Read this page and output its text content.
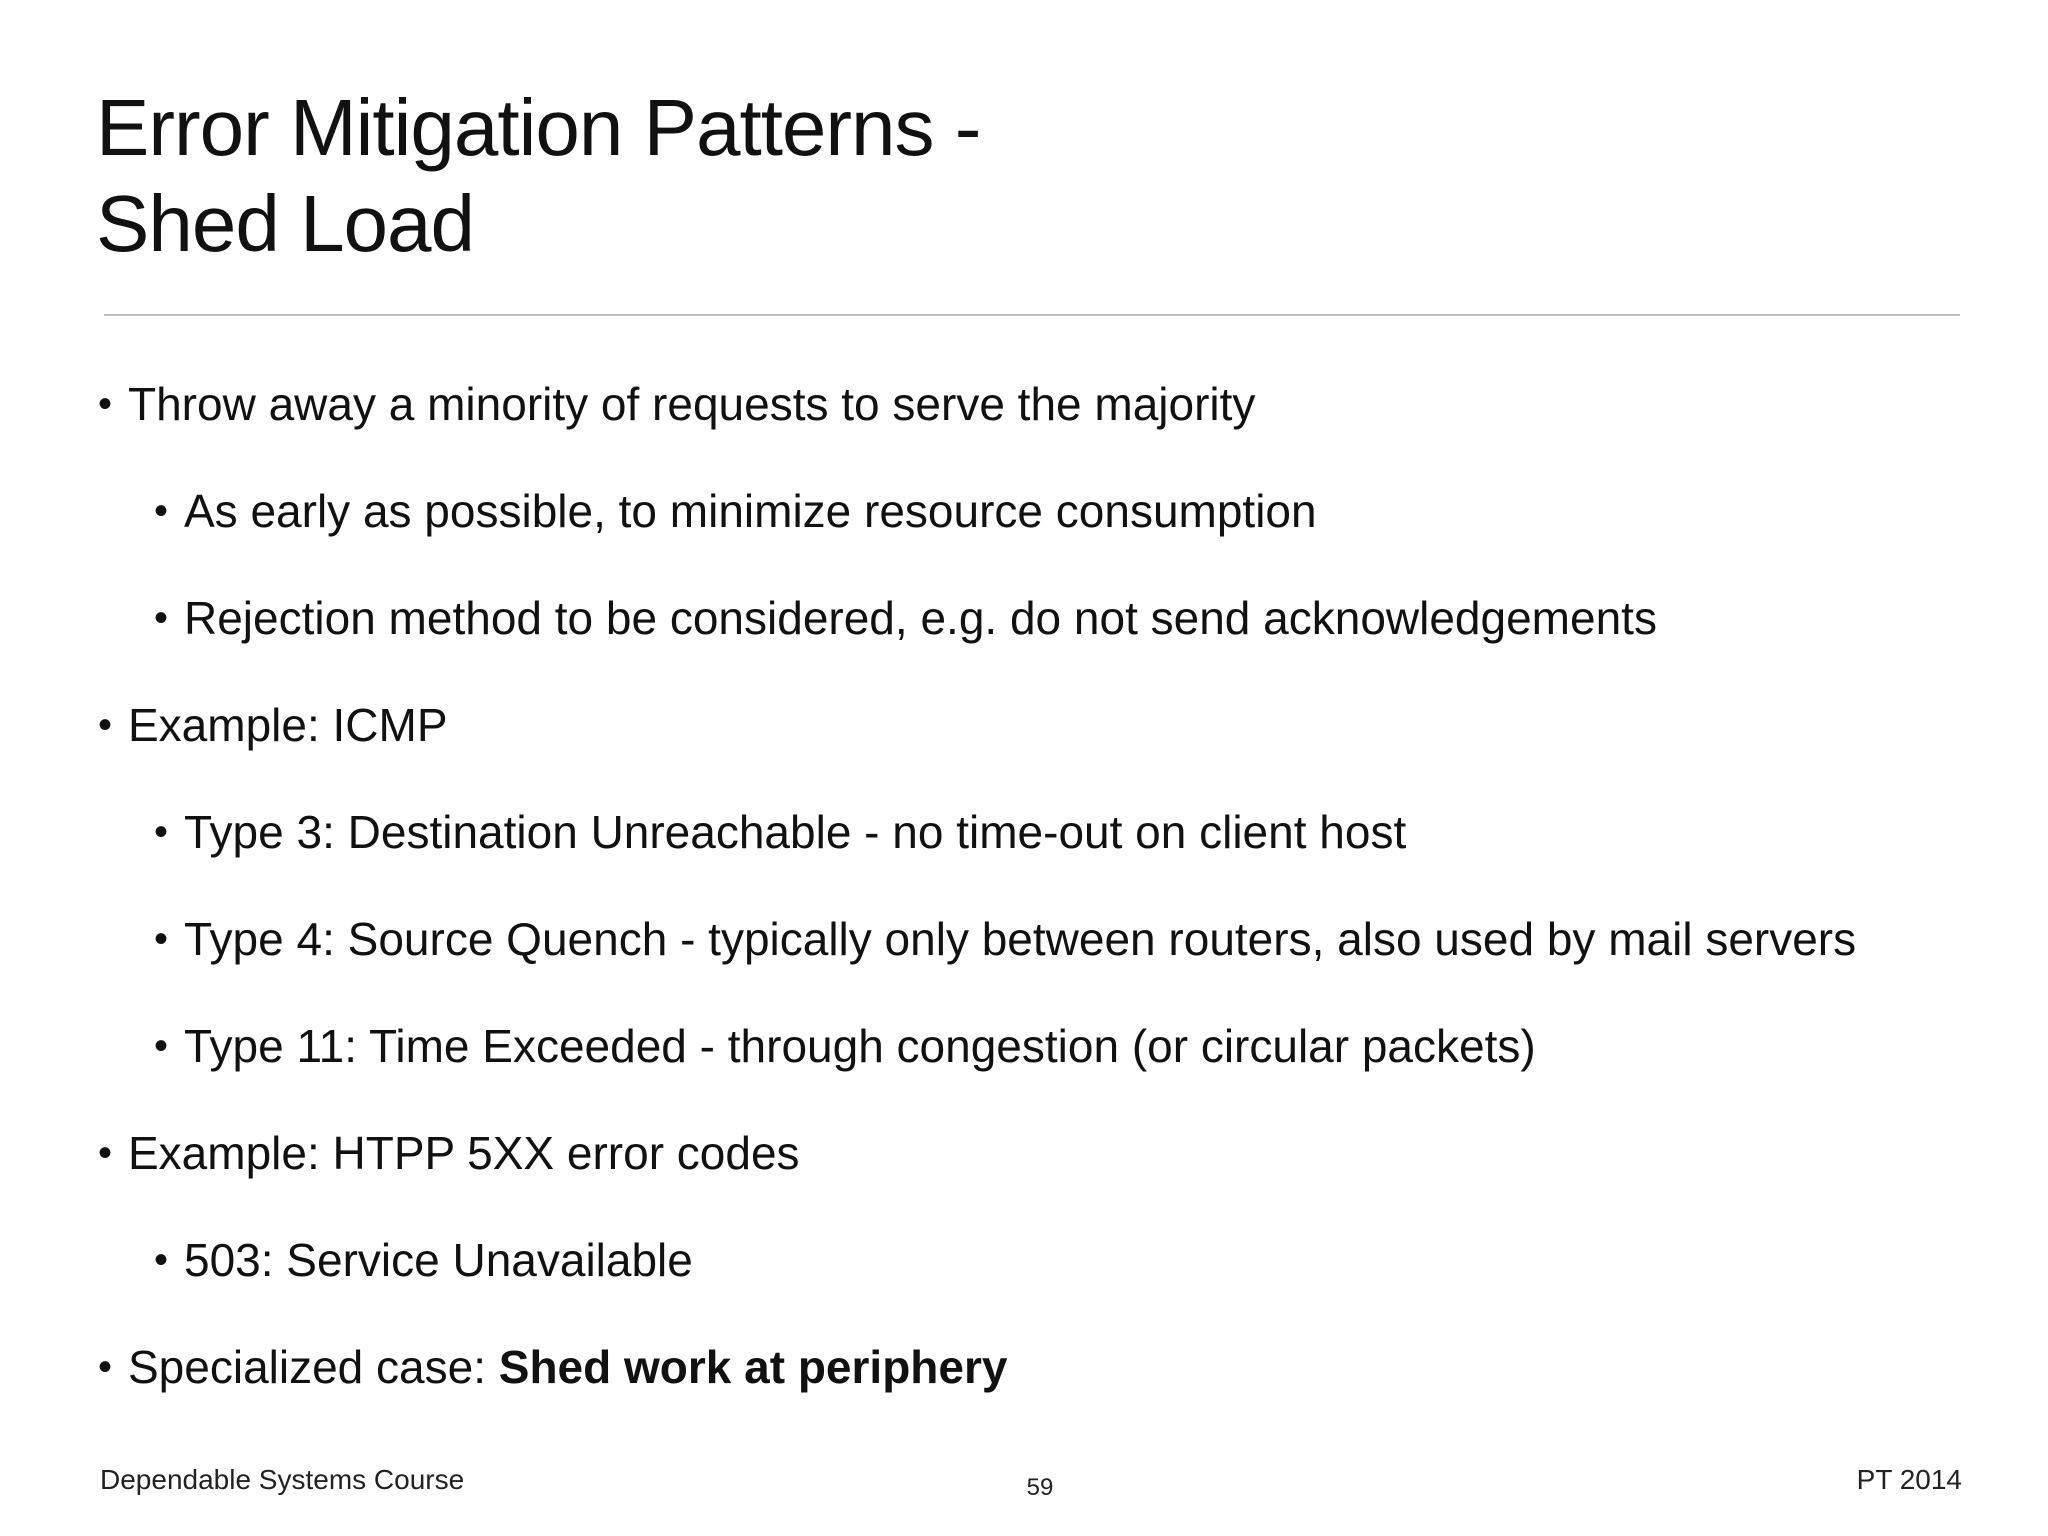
Error Mitigation Patterns -
Shed Load
• Throw away a minority of requests to serve the majority
• As early as possible, to minimize resource consumption
• Rejection method to be considered, e.g. do not send acknowledgements
• Example: ICMP
• Type 3: Destination Unreachable - no time-out on client host
• Type 4: Source Quench - typically only between routers, also used by mail servers
• Type 11: Time Exceeded - through congestion (or circular packets)
• Example: HTPP 5XX error codes
• 503: Service Unavailable
• Specialized case: Shed work at periphery
Dependable Systems Course	59	PT 2014
